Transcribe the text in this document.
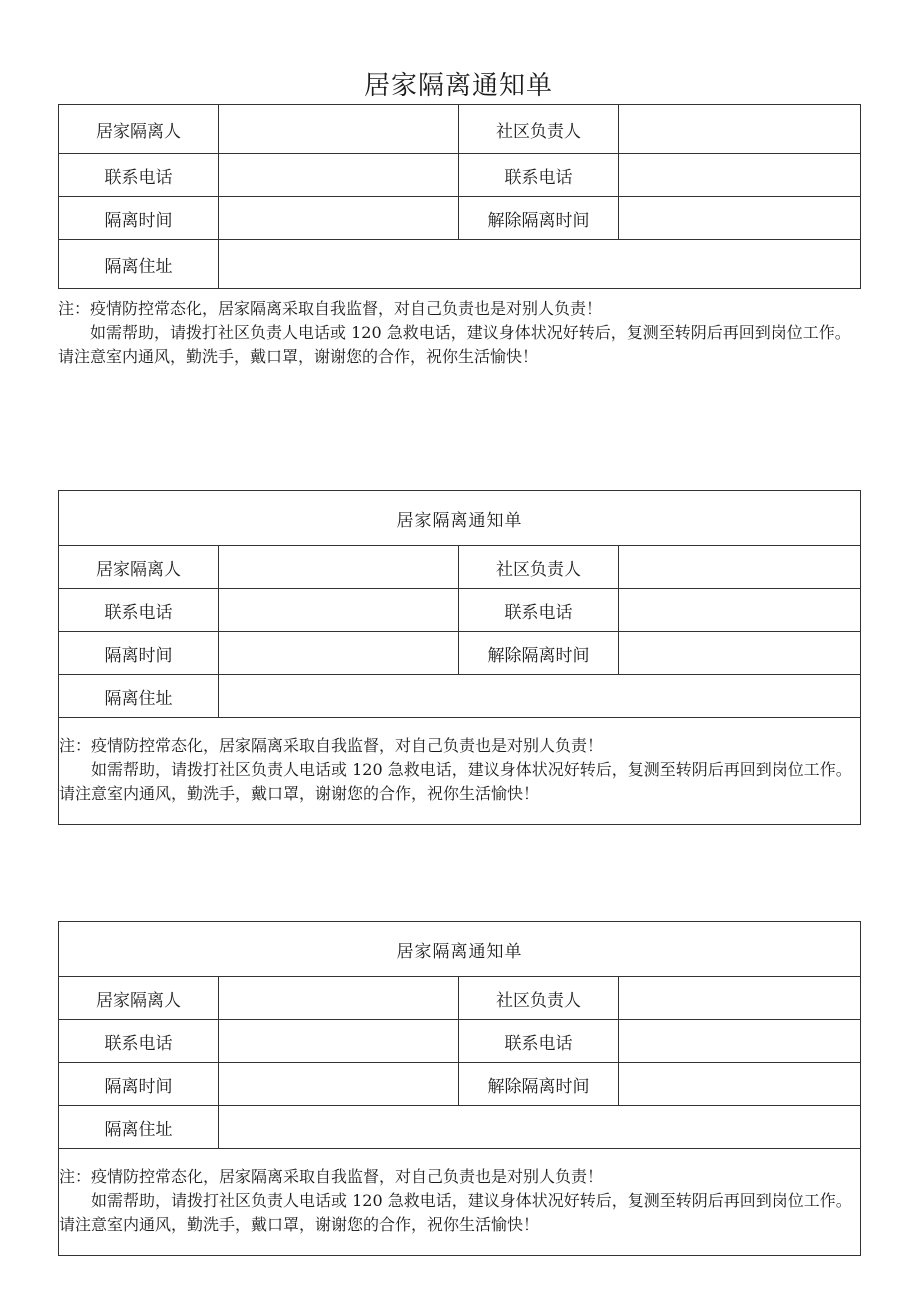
居家隔离通知单
居家隔离人		社区负责人	
联系电话		联系电话	
隔离时间		解除隔离时间	
隔离住址			
注：疫情防控常态化，居家隔离采取自我监督，对自己负责也是对别人负责！
如需帮助，请拨打社区负责人电话或 120 急救电话，建议身体状况好转后，复测至转阴后再回到岗位工作。请注意室内通风，勤洗手，戴口罩，谢谢您的合作，祝你生活愉快！
居家隔离通知单			
居家隔离人		社区负责人	
联系电话		联系电话	
隔离时间		解除隔离时间	
隔离住址			

注：疫情防控常态化，居家隔离采取自我监督，对自己负责也是对别人负责！
如需帮助，请拨打社区负责人电话或 120 急救电话，建议身体状况好转后，复测至转阴后再回到岗位工作。请注意室内通风，勤洗手，戴口罩，谢谢您的合作，祝你生活愉快！			
居家隔离通知单			
居家隔离人		社区负责人	
联系电话		联系电话	
隔离时间		解除隔离时间	
隔离住址			

注：疫情防控常态化，居家隔离采取自我监督，对自己负责也是对别人负责！
如需帮助，请拨打社区负责人电话或 120 急救电话，建议身体状况好转后，复测至转阴后再回到岗位工作。请注意室内通风，勤洗手，戴口罩，谢谢您的合作，祝你生活愉快！			
